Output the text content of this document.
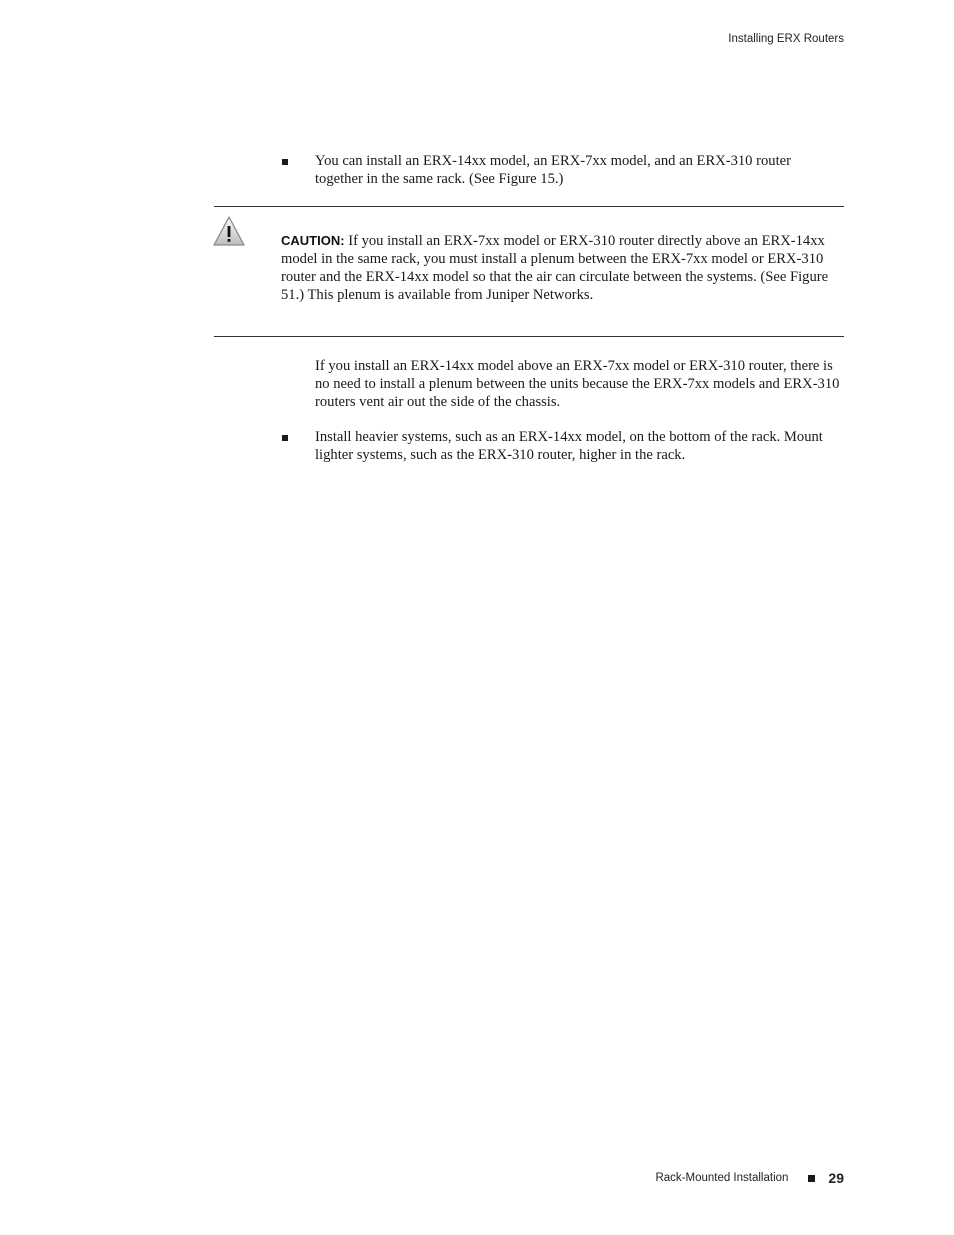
Installing ERX Routers
You can install an ERX-14xx model, an ERX-7xx model, and an ERX-310 router together in the same rack. (See Figure 15.)
CAUTION: If you install an ERX-7xx model or ERX-310 router directly above an ERX-14xx model in the same rack, you must install a plenum between the ERX-7xx model or ERX-310 router and the ERX-14xx model so that the air can circulate between the systems. (See Figure 51.) This plenum is available from Juniper Networks.
If you install an ERX-14xx model above an ERX-7xx model or ERX-310 router, there is no need to install a plenum between the units because the ERX-7xx models and ERX-310 routers vent air out the side of the chassis.
Install heavier systems, such as an ERX-14xx model, on the bottom of the rack. Mount lighter systems, such as the ERX-310 router, higher in the rack.
Rack-Mounted Installation	29
